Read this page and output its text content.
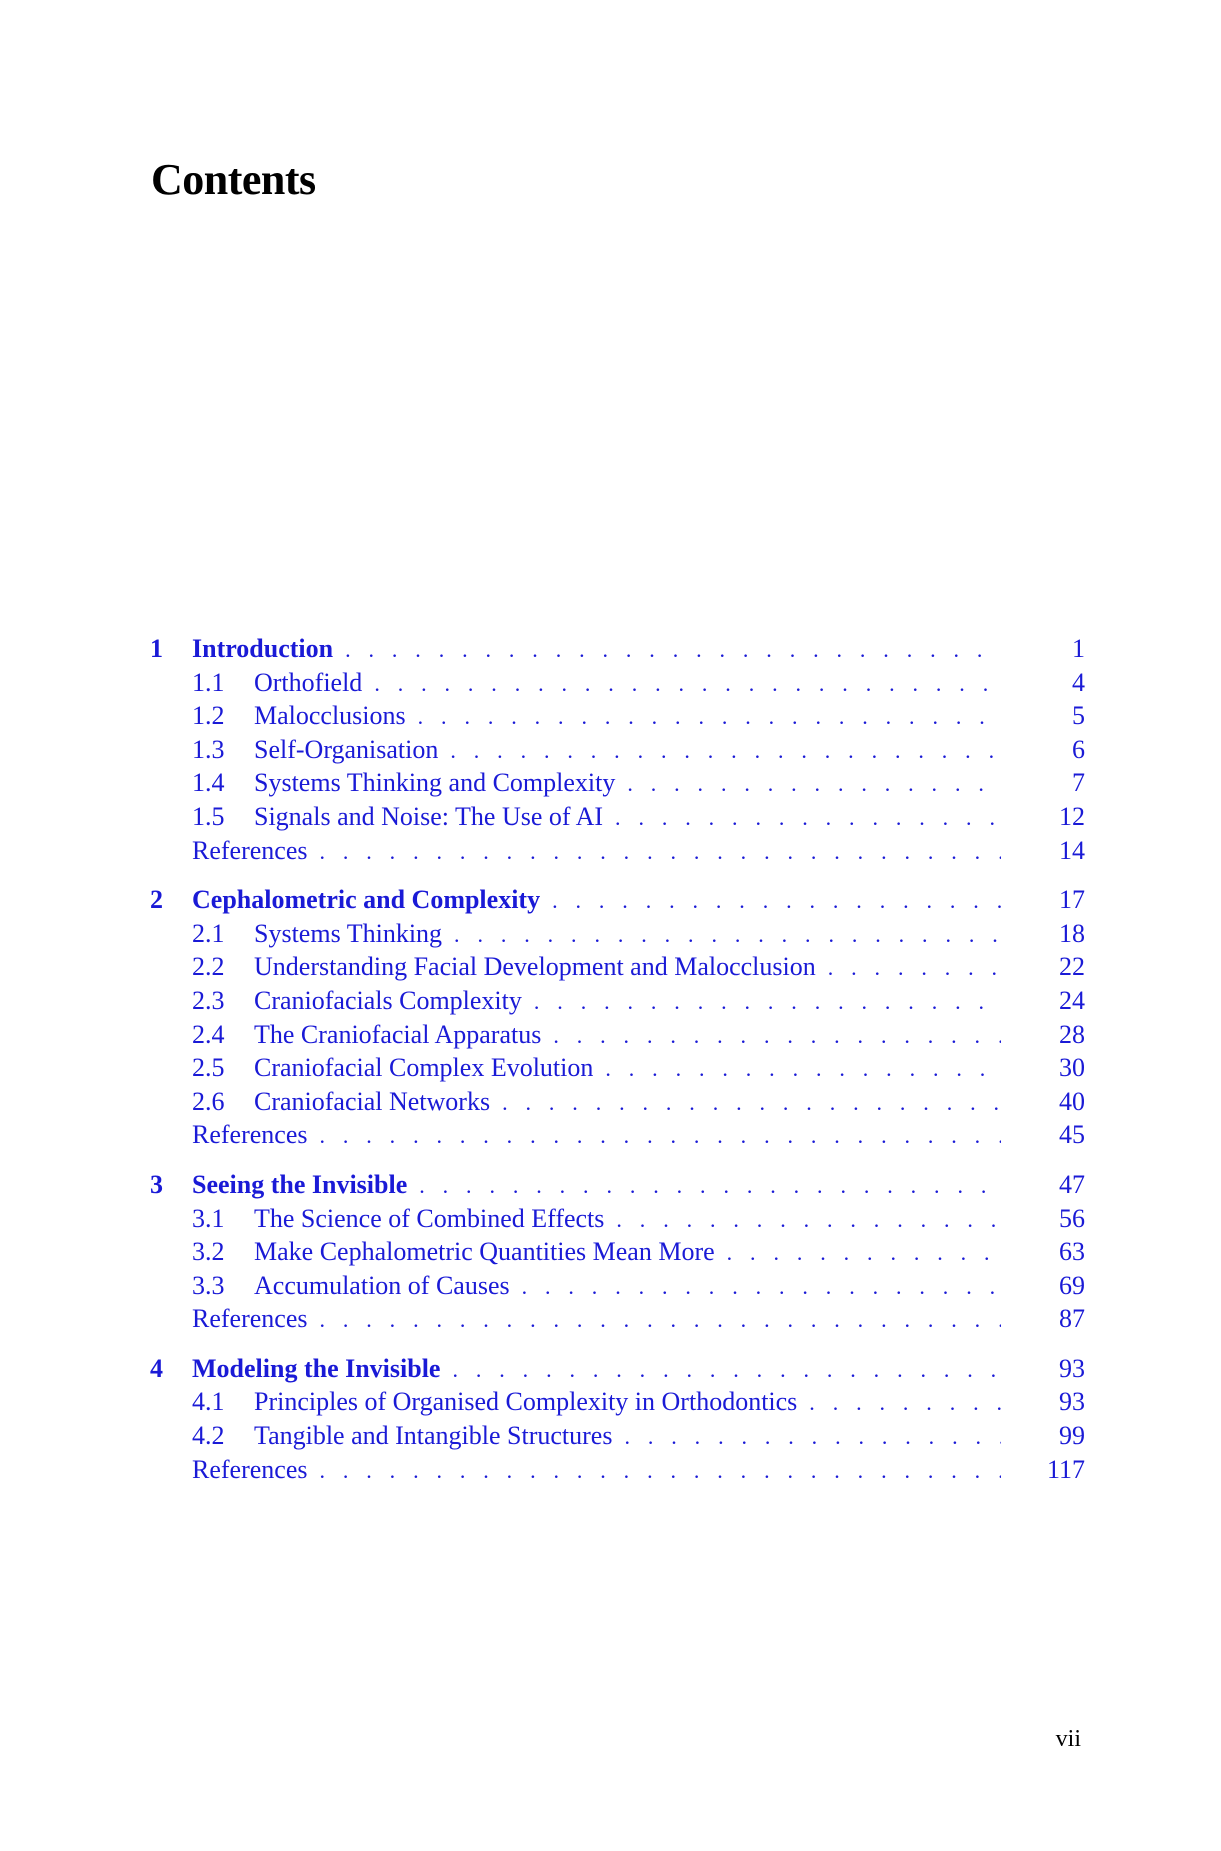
Contents
1	Introduction . . .	1
1.1	Orthofield . . .	4
1.2	Malocclusions . . .	5
1.3	Self-Organisation . . .	6
1.4	Systems Thinking and Complexity . . .	7
1.5	Signals and Noise: The Use of AI . . .	12
References . . .	14
2	Cephalometric and Complexity . . .	17
2.1	Systems Thinking . . .	18
2.2	Understanding Facial Development and Malocclusion . . .	22
2.3	Craniofacials Complexity . . .	24
2.4	The Craniofacial Apparatus . . .	28
2.5	Craniofacial Complex Evolution . . .	30
2.6	Craniofacial Networks . . .	40
References . . .	45
3	Seeing the Invisible . . .	47
3.1	The Science of Combined Effects . . .	56
3.2	Make Cephalometric Quantities Mean More . . .	63
3.3	Accumulation of Causes . . .	69
References . . .	87
4	Modeling the Invisible . . .	93
4.1	Principles of Organised Complexity in Orthodontics . . .	93
4.2	Tangible and Intangible Structures . . .	99
References . . .	117
vii
